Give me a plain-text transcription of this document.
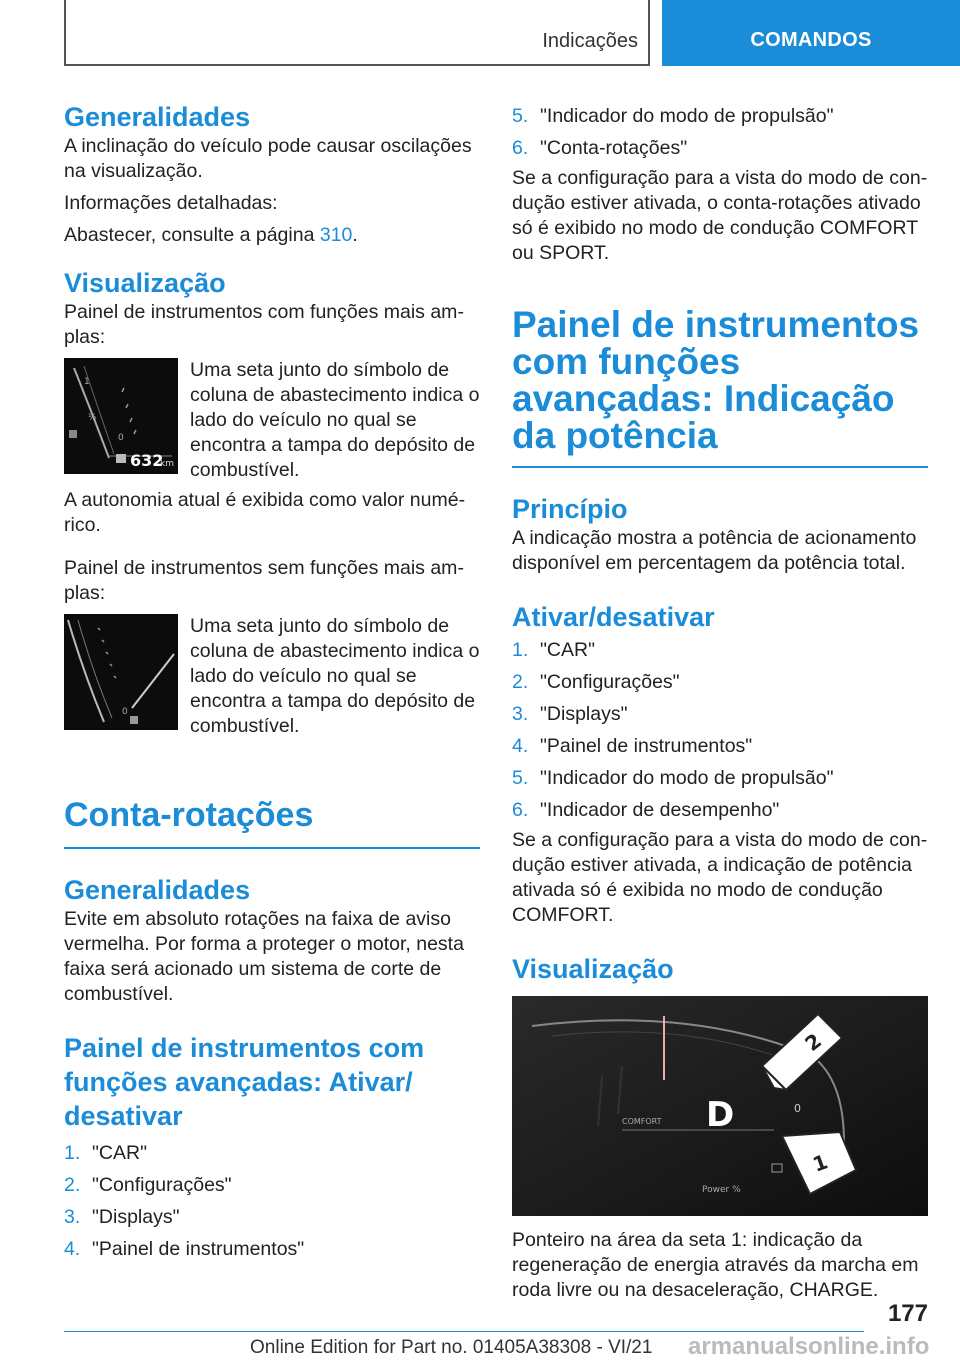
Indicações	COMANDOS
Generalidades

A inclinação do veículo pode causar oscilações na visualização.

Informações detalhadas:

Abastecer, consulte a página 310.

Visualização

Painel de instrumentos com funções mais amplas:

1
½
0
632
km

Uma seta junto do símbolo de coluna de abastecimento indica o lado do veículo no qual se encontra a tampa do depósito de combustível.

A autonomia atual é exibida como valor numérico.

Painel de instrumentos sem funções mais amplas:

0

Uma seta junto do símbolo de coluna de abastecimento indica o lado do veículo no qual se encontra a tampa do depósito de combustível.

Conta-rotações
Generalidades

Evite em absoluto rotações na faixa de aviso vermelha. Por forma a proteger o motor, nesta faixa será acionado um sistema de corte de combustível.

Painel de instrumentos com funções avançadas: Ativar/ desativar
1. "CAR"
2. "Configurações"
3. "Displays"
4. "Painel de instrumentos"
5. "Indicador do modo de propulsão"
6. "Conta-rotações"

Se a configuração para a vista do modo de condução estiver ativada, o conta-rotações ativado só é exibido no modo de condução COMFORT ou SPORT.

Painel de instrumentos com funções avançadas: Indicação da potência
Princípio

A indicação mostra a potência de acionamento disponível em percentagem da potência total.

Ativar/desativar
1. "CAR"
2. "Configurações"
3. "Displays"
4. "Painel de instrumentos"
5. "Indicador do modo de propulsão"
6. "Indicador de desempenho"

Se a configuração para a vista do modo de condução estiver ativada, a indicação de potência ativada só é exibida no modo de condução COMFORT.

Visualização
COMFORT D	0
Power %
2
1

Ponteiro na área da seta 1: indicação da regeneração de energia através da marcha em roda livre ou na desaceleração, CHARGE.

177
Online Edition for Part no. 01405A38308 - VI/21 armanualsonline.info
